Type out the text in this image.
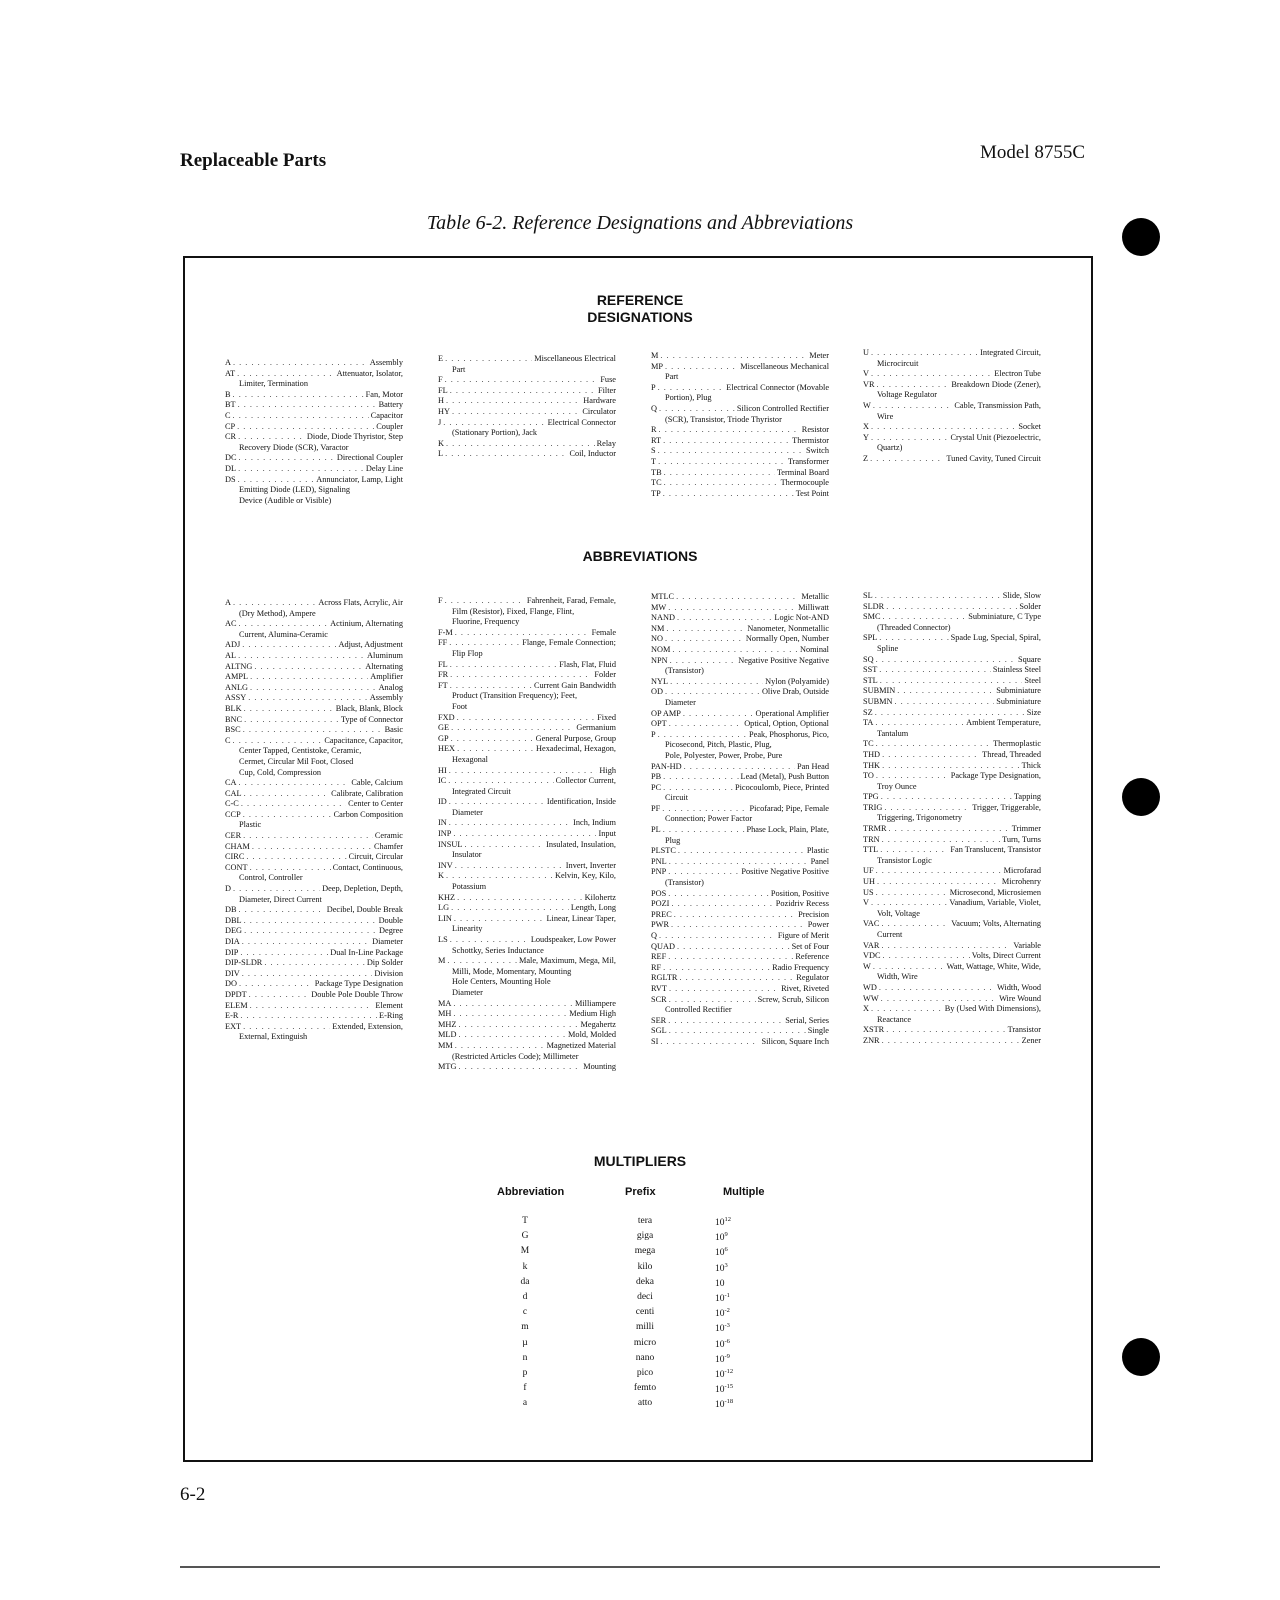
Replaceable Parts	Model 8755C
Table 6-2. Reference Designations and Abbreviations
REFERENCE
DESIGNATIONS
A . . .	Assembly
AT . . .	Attenuator, Isolator,
Limiter, Termination
B . . .	Fan, Motor
BT . . .	Battery
C . . .	Capacitor
CP . . .	Coupler
CR . . .	Diode, Diode Thyristor, Step
Recovery Diode (SCR), Varactor
DC . . .	Directional Coupler
DL . . .	Delay Line
DS . . .	Annunciator, Lamp, Light
Emitting Diode (LED), Signaling
Device (Audible or Visible)
E . . .	Miscellaneous Electrical
Part
F . . .	Fuse
FL . . .	Filter
H . . .	Hardware
HY . . .	Circulator
J . . .	Electrical Connector
(Stationary Portion), Jack
K . . .	Relay
L . . .	Coil, Inductor
M . . .	Meter
MP . . .	Miscellaneous Mechanical
Part
P . . .	Electrical Connector (Movable
Portion), Plug
Q . . .	Silicon Controlled Rectifier
(SCR), Transistor, Triode Thyristor
R . . .	Resistor
RT . . .	Thermistor
S . . .	Switch
T . . .	Transformer
TB . . .	Terminal Board
TC . . .	Thermocouple
TP . . .	Test Point
U . . .	Integrated Circuit,
Microcircuit
V . . .	Electron Tube
VR . . .	Breakdown Diode (Zener),
Voltage Regulator
W . . .	Cable, Transmission Path,
Wire
X . . .	Socket
Y . . .	Crystal Unit (Piezoelectric,
Quartz)
Z . . .	Tuned Cavity, Tuned Circuit
ABBREVIATIONS
A . . .	Across Flats, Acrylic, Air
(Dry Method), Ampere
AC . . .	Actinium, Alternating
Current, Alumina-Ceramic
ADJ . . .	Adjust, Adjustment
AL . . .	Aluminum
ALTNG . . .	Alternating
AMPL . . .	Amplifier
ANLG . . .	Analog
ASSY . . .	Assembly
BLK . . .	Black, Blank, Block
BNC . . .	Type of Connector
BSC . . .	Basic
C . . .	Capacitance, Capacitor,
Center Tapped, Centistoke, Ceramic,
Cermet, Circular Mil Foot, Closed
Cup, Cold, Compression
CA . . .	Cable, Calcium
CAL . . .	Calibrate, Calibration
C-C . . .	Center to Center
CCP . . .	Carbon Composition
Plastic
CER . . .	Ceramic
CHAM . . .	Chamfer
CIRC . . .	Circuit, Circular
CONT . . .	Contact, Continuous,
Control, Controller
D . . .	Deep, Depletion, Depth,
Diameter, Direct Current
DB . . .	Decibel, Double Break
DBL . . .	Double
DEG . . .	Degree
DIA . . .	Diameter
DIP . . .	Dual In-Line Package
DIP-SLDR . . .	Dip Solder
DIV . . .	Division
DO . . .	Package Type Designation
DPDT . . .	Double Pole Double Throw
ELEM . . .	Element
E-R . . .	E-Ring
EXT . . .	Extended, Extension,
External, Extinguish
F . . .	Fahrenheit, Farad, Female,
Film (Resistor), Fixed, Flange, Flint,
Fluorine, Frequency
F-M . . .	Female
FF . . .	Flange, Female Connection;
Flip Flop
FL . . .	Flash, Flat, Fluid
FR . . .	Folder
FT . . .	Current Gain Bandwidth
Product (Transition Frequency); Feet,
Foot
FXD . . .	Fixed
GE . . .	Germanium
GP . . .	General Purpose, Group
HEX . . .	Hexadecimal, Hexagon,
Hexagonal
HI . . .	High
IC . . .	Collector Current,
Integrated Circuit
ID . . .	Identification, Inside
Diameter
IN . . .	Inch, Indium
INP . . .	Input
INSUL . . .	Insulated, Insulation,
Insulator
INV . . .	Invert, Inverter
K . . .	Kelvin, Key, Kilo,
Potassium
KHZ . . .	Kilohertz
LG . . .	Length, Long
LIN . . .	Linear, Linear Taper,
Linearity
LS . . .	Loudspeaker, Low Power
Schottky, Series Inductance
M . . .	Male, Maximum, Mega, Mil,
Milli, Mode, Momentary, Mounting
Hole Centers, Mounting Hole
Diameter
MA . . .	Milliampere
MH . . .	Medium High
MHZ . . .	Megahertz
MLD . . .	Mold, Molded
MM . . .	Magnetized Material
(Restricted Articles Code); Millimeter
MTG . . .	Mounting
MTLC . . .	Metallic
MW . . .	Milliwatt
NAND . . .	Logic Not-AND
NM . . .	Nanometer, Nonmetallic
NO . . .	Normally Open, Number
NOM . . .	Nominal
NPN . . .	Negative Positive Negative
(Transistor)
NYL . . .	Nylon (Polyamide)
OD . . .	Olive Drab, Outside
Diameter
OP AMP . . .	Operational Amplifier
OPT . . .	Optical, Option, Optional
P . . .	Peak, Phosphorus, Pico,
Picosecond, Pitch, Plastic, Plug,
Pole, Polyester, Power, Probe, Pure
PAN-HD . . .	Pan Head
PB . . .	Lead (Metal), Push Button
PC . . .	Picocoulomb, Piece, Printed
Circuit
PF . . .	Picofarad; Pipe, Female
Connection; Power Factor
PL . . .	Phase Lock, Plain, Plate,
Plug
PLSTC . . .	Plastic
PNL . . .	Panel
PNP . . .	Positive Negative Positive
(Transistor)
POS . . .	Position, Positive
POZI . . .	Pozidriv Recess
PREC . . .	Precision
PWR . . .	Power
Q . . .	Figure of Merit
QUAD . . .	Set of Four
REF . . .	Reference
RF . . .	Radio Frequency
RGLTR . . .	Regulator
RVT . . .	Rivet, Riveted
SCR . . .	Screw, Scrub, Silicon
Controlled Rectifier
SER . . .	Serial, Series
SGL . . .	Single
SI . . .	Silicon, Square Inch
SL . . .	Slide, Slow
SLDR . . .	Solder
SMC . . .	Subminiature, C Type
(Threaded Connector)
SPL . . .	Spade Lug, Special, Spiral,
Spline
SQ . . .	Square
SST . . .	Stainless Steel
STL . . .	Steel
SUBMIN . . .	Subminiature
SUBMN . . .	Subminiature
SZ . . .	Size
TA . . .	Ambient Temperature,
Tantalum
TC . . .	Thermoplastic
THD . . .	Thread, Threaded
THK . . .	Thick
TO . . .	Package Type Designation,
Troy Ounce
TPG . . .	Tapping
TRIG . . .	Trigger, Triggerable,
Triggering, Trigonometry
TRMR . . .	Trimmer
TRN . . .	Turn, Turns
TTL . . .	Fan Translucent, Transistor
Transistor Logic
UF . . .	Microfarad
UH . . .	Microhenry
US . . .	Microsecond, Microsiemen
V . . .	Vanadium, Variable, Violet,
Volt, Voltage
VAC . . .	Vacuum; Volts, Alternating
Current
VAR . . .	Variable
VDC . . .	Volts, Direct Current
W . . .	Watt, Wattage, White, Wide,
Width, Wire
WD . . .	Width, Wood
WW . . .	Wire Wound
X . . .	By (Used With Dimensions),
Reactance
XSTR . . .	Transistor
ZNR . . .	Zener
MULTIPLIERS
Abbreviation	Prefix	Multiple
T	tera	$10^{12}$
G	giga	$10^9$
M	mega	$10^6$
k	kilo	$10^3$
da	deka	10
d	deci	$10^{-1}$
c	centi	$10^{-2}$
m	milli	$10^{-3}$
µ	micro	$10^{-6}$
n	nano	$10^{-9}$
p	pico	$10^{-12}$
f	femto	$10^{-15}$
a	atto	$10^{-18}$
6-2
